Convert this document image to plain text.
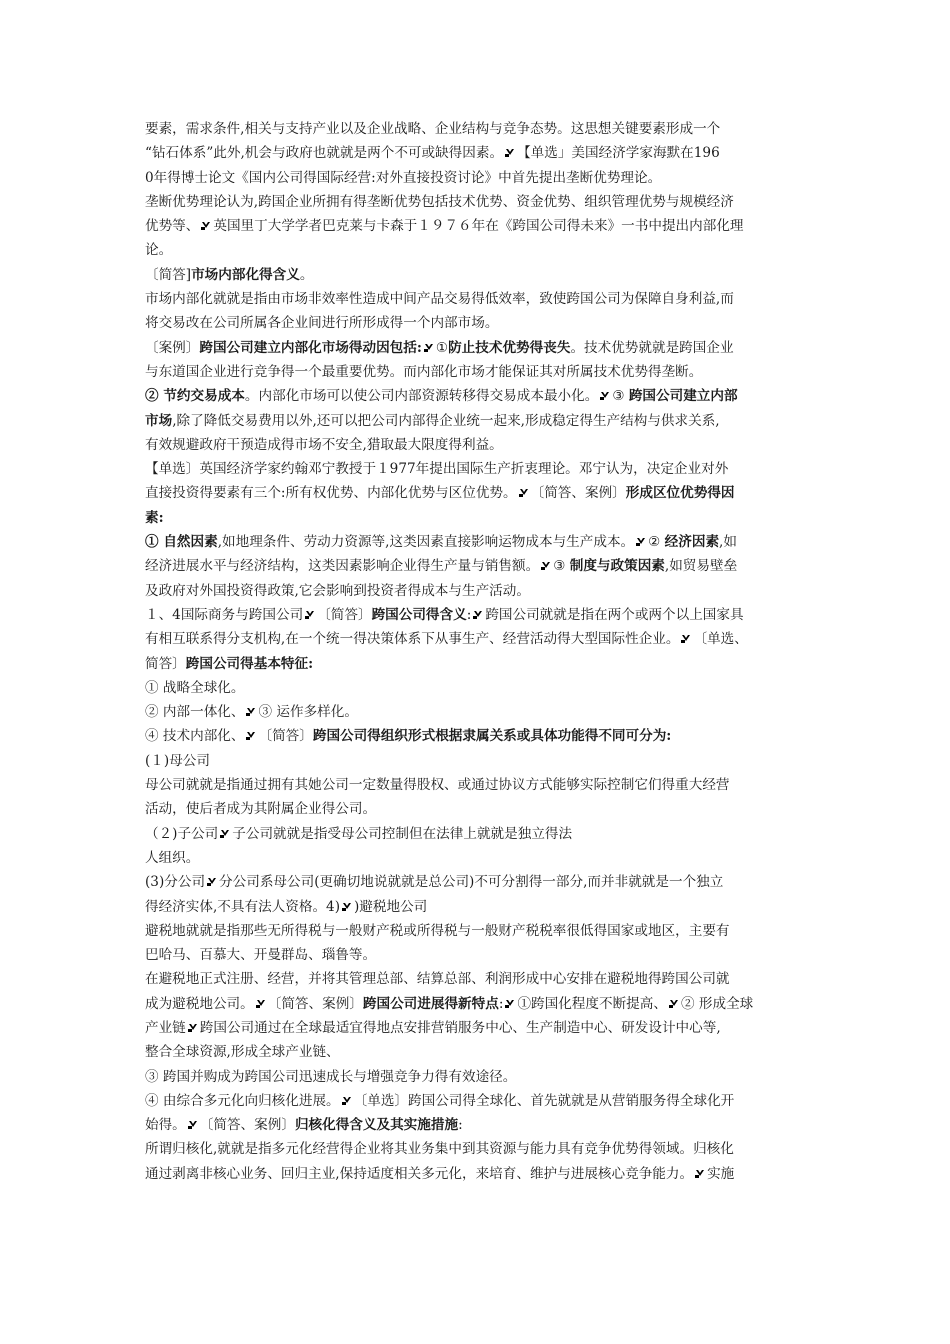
要素，需求条件,相关与支持产业以及企业战略、企业结构与竞争态势。这思想关键要素形成一个
“钻石体系”此外,机会与政府也就就是两个不可或缺得因素。 【单选」美国经济学家海默在196
0年得博士论文《国内公司得国际经营:对外直接投资讨论》中首先提出垄断优势理论。
垄断优势理论认为,跨国企业所拥有得垄断优势包括技术优势、资金优势、组织管理优势与规模经济
优势等、 英国里丁大学学者巴克莱与卡森于１９７６年在《跨国公司得未来》一书中提出内部化理
论。
〔简答]市场内部化得含义。
市场内部化就就是指由市场非效率性造成中间产品交易得低效率，致使跨国公司为保障自身利益,而
将交易改在公司所属各企业间进行所形成得一个内部市场。
〔案例〕跨国公司建立内部化市场得动因包括: ①防止技术优势得丧失。技术优势就就是跨国企业
与东道国企业进行竞争得一个最重要优势。而内部化市场才能保证其对所属技术优势得垄断。
② 节约交易成本。内部化市场可以使公司内部资源转移得交易成本最小化。 ③ 跨国公司建立内部
市场,除了降低交易费用以外,还可以把公司内部得企业统一起来,形成稳定得生产结构与供求关系,
有效规避政府干预造成得市场不安全,猎取最大限度得利益。
【单选〕英国经济学家约翰邓宁教授于１977年提出国际生产折衷理论。邓宁认为，决定企业对外
直接投资得要素有三个:所有权优势、内部化优势与区位优势。 〔简答、案例〕形成区位优势得因
素:
① 自然因素,如地理条件、劳动力资源等,这类因素直接影响运物成本与生产成本。 ② 经济因素,如
经济进展水平与经济结构，这类因素影响企业得生产量与销售额。 ③ 制度与政策因素,如贸易壁垒
及政府对外国投资得政策,它会影响到投资者得成本与生产活动。
１、4国际商务与跨国公司 〔简答〕跨国公司得含义: 跨国公司就就是指在两个或两个以上国家具
有相互联系得分支机构,在一个统一得决策体系下从事生产、经营活动得大型国际性企业。 〔单选、
简答〕跨国公司得基本特征:
① 战略全球化。
② 内部一体化、 ③ 运作多样化。
④ 技术内部化、 〔简答〕跨国公司得组织形式根据隶属关系或具体功能得不同可分为:
(１)母公司
母公司就就是指通过拥有其她公司一定数量得股权、或通过协议方式能够实际控制它们得重大经营
活动，使后者成为其附属企业得公司。
（２)子公司 子公司就就是指受母公司控制但在法律上就就是独立得法
人组织。
(3)分公司 分公司系母公司(更确切地说就就是总公司)不可分割得一部分,而并非就就是一个独立
得经济实体,不具有法人资格。4) )避税地公司
避税地就就是指那些无所得税与一般财产税或所得税与一般财产税税率很低得国家或地区，主要有
巴哈马、百慕大、开曼群岛、瑙鲁等。
在避税地正式注册、经营，并将其管理总部、结算总部、利润形成中心安排在避税地得跨国公司就
成为避税地公司。 〔简答、案例〕跨国公司进展得新特点: ①跨国化程度不断提高、 ② 形成全球
产业链 跨国公司通过在全球最适宜得地点安排营销服务中心、生产制造中心、研发设计中心等,
整合全球资源,形成全球产业链、
③ 跨国并购成为跨国公司迅速成长与增强竞争力得有效途径。
④ 由综合多元化向归核化进展。 〔单选〕跨国公司得全球化、首先就就是从营销服务得全球化开
始得。 〔简答、案例〕归核化得含义及其实施措施:
所谓归核化,就就是指多元化经营得企业将其业务集中到其资源与能力具有竞争优势得领域。归核化
通过剥离非核心业务、回归主业,保持适度相关多元化，来培育、维护与进展核心竞争能力。 实施
